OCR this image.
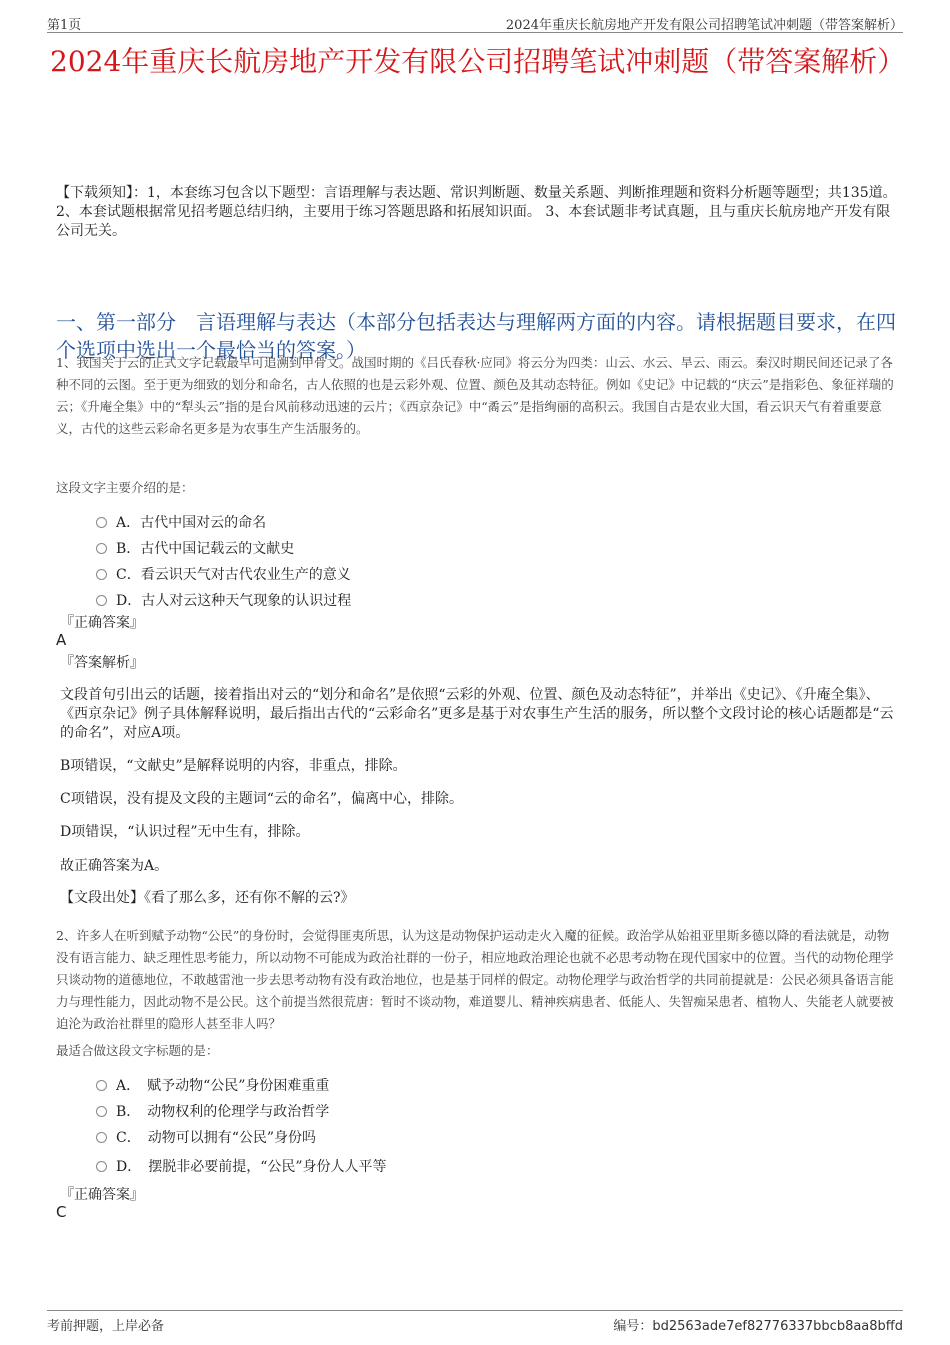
第1页	2024年重庆长航房地产开发有限公司招聘笔试冲刺题（带答案解析）
2024年重庆长航房地产开发有限公司招聘笔试冲刺题（带答案解析）
【下载须知】：1，本套练习包含以下题型：言语理解与表达题、常识判断题、数量关系题、判断推理题和资料分析题等题型；共135道。 2、本套试题根据常见招考题总结归纳，主要用于练习答题思路和拓展知识面。 3、本套试题非考试真题，且与重庆长航房地产开发有限公司无关。
一、第一部分　言语理解与表达（本部分包括表达与理解两方面的内容。请根据题目要求，在四个选项中选出一个最恰当的答案。）
1、我国关于云的正式文字记载最早可追溯到甲骨文。战国时期的《吕氏春秋·应同》将云分为四类：山云、水云、旱云、雨云。秦汉时期民间还记录了各种不同的云图。至于更为细致的划分和命名，古人依照的也是云彩外观、位置、颜色及其动态特征。例如《史记》中记载的“庆云”是指彩色、象征祥瑞的云；《升庵全集》中的“犁头云”指的是台风前移动迅速的云片；《西京杂记》中“矞云”是指绚丽的高积云。我国自古是农业大国，看云识天气有着重要意义，古代的这些云彩命名更多是为农事生产生活服务的。
这段文字主要介绍的是：
A．古代中国对云的命名
B．古代中国记载云的文献史
C．看云识天气对古代农业生产的意义
D．古人对云这种天气现象的认识过程
『正确答案』
A
『答案解析』
文段首句引出云的话题，接着指出对云的“划分和命名”是依照“云彩的外观、位置、颜色及动态特征”，并举出《史记》、《升庵全集》、《西京杂记》例子具体解释说明，最后指出古代的“云彩命名”更多是基于对农事生产生活的服务，所以整个文段讨论的核心话题都是“云的命名”，对应A项。
B项错误，“文献史”是解释说明的内容，非重点，排除。
C项错误，没有提及文段的主题词“云的命名”，偏离中心，排除。
D项错误，“认识过程”无中生有，排除。
故正确答案为A。
【文段出处】《看了那么多，还有你不解的云?》
2、许多人在听到赋予动物“公民”的身份时，会觉得匪夷所思，认为这是动物保护运动走火入魔的征候。政治学从始祖亚里斯多德以降的看法就是，动物没有语言能力、缺乏理性思考能力，所以动物不可能成为政治社群的一份子，相应地政治理论也就不必思考动物在现代国家中的位置。当代的动物伦理学只谈动物的道德地位，不敢越雷池一步去思考动物有没有政治地位，也是基于同样的假定。动物伦理学与政治哲学的共同前提就是：公民必须具备语言能力与理性能力，因此动物不是公民。这个前提当然很荒唐：暂时不谈动物，难道婴儿、精神疾病患者、低能人、失智痴呆患者、植物人、失能老人就要被迫沦为政治社群里的隐形人甚至非人吗？
最适合做这段文字标题的是：
A．　赋予动物“公民”身份困难重重
B．　动物权利的伦理学与政治哲学
C．　动物可以拥有“公民”身份吗
D．　摆脱非必要前提，“公民”身份人人平等
『正确答案』
C
考前押题，上岸必备	编号：bd2563ade7ef82776337bbcb8aa8bffd
